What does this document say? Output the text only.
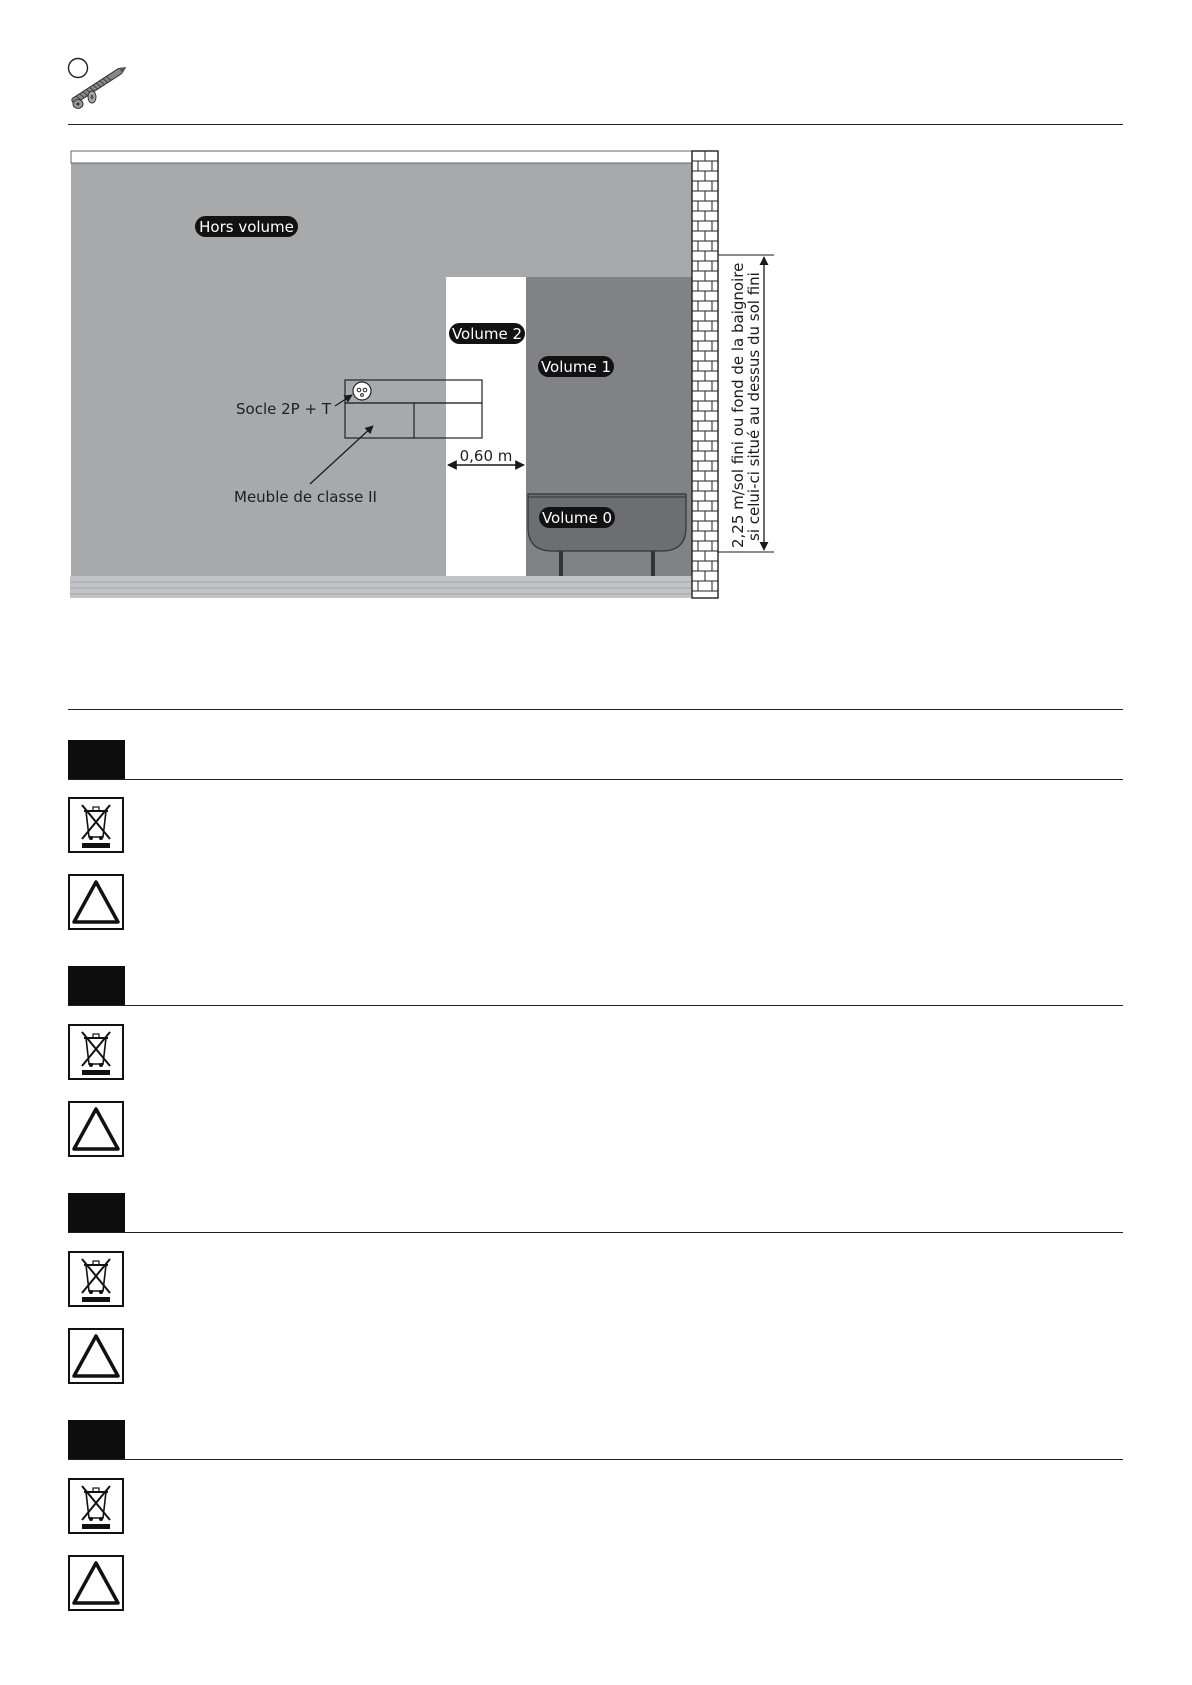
Hors volume
Volume 2
Volume 1
Volume 0
Socle 2P + T
Meuble de classe II
0,60 m	2,25 m/sol fini ou fond de la baignoire
si celui-ci situé au dessus du sol fini
